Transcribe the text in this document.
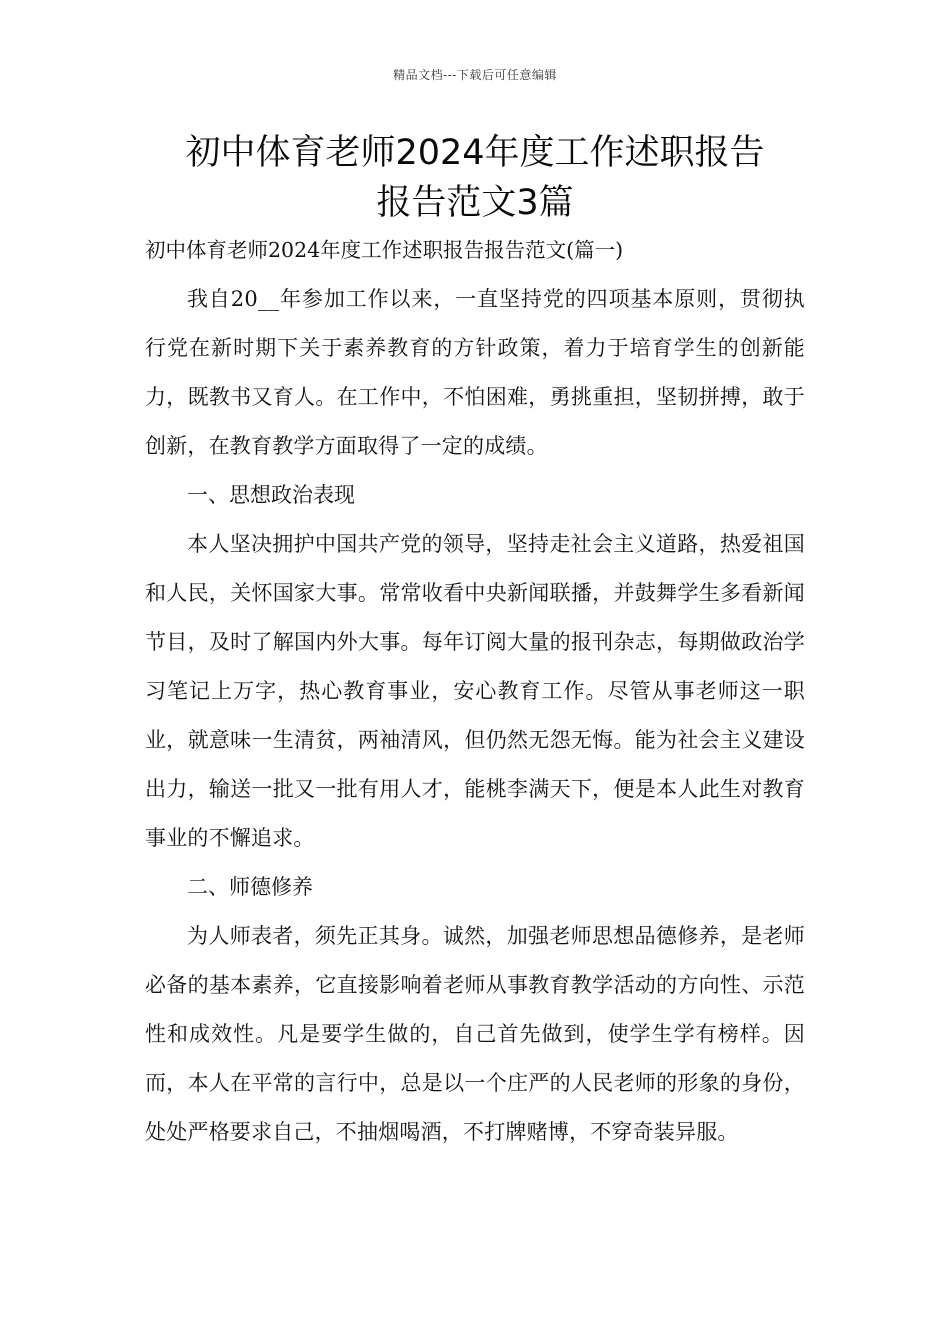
精品文档---下载后可任意编辑
初中体育老师2024年度工作述职报告
报告范文3篇

初中体育老师2024年度工作述职报告报告范文(篇一)

我自20__年参加工作以来，一直坚持党的四项基本原则，贯彻执行党在新时期下关于素养教育的方针政策，着力于培育学生的创新能力，既教书又育人。在工作中，不怕困难，勇挑重担，坚韧拼搏，敢于创新，在教育教学方面取得了一定的成绩。

一、思想政治表现

本人坚决拥护中国共产党的领导，坚持走社会主义道路，热爱祖国和人民，关怀国家大事。常常收看中央新闻联播，并鼓舞学生多看新闻节目，及时了解国内外大事。每年订阅大量的报刊杂志，每期做政治学习笔记上万字，热心教育事业，安心教育工作。尽管从事老师这一职业，就意味一生清贫，两袖清风，但仍然无怨无悔。能为社会主义建设出力，输送一批又一批有用人才，能桃李满天下，便是本人此生对教育事业的不懈追求。

二、师德修养

为人师表者，须先正其身。诚然，加强老师思想品德修养，是老师必备的基本素养，它直接影响着老师从事教育教学活动的方向性、示范性和成效性。凡是要学生做的，自己首先做到，使学生学有榜样。因而，本人在平常的言行中，总是以一个庄严的人民老师的形象的身份，处处严格要求自己，不抽烟喝酒，不打牌赌博，不穿奇装异服。
